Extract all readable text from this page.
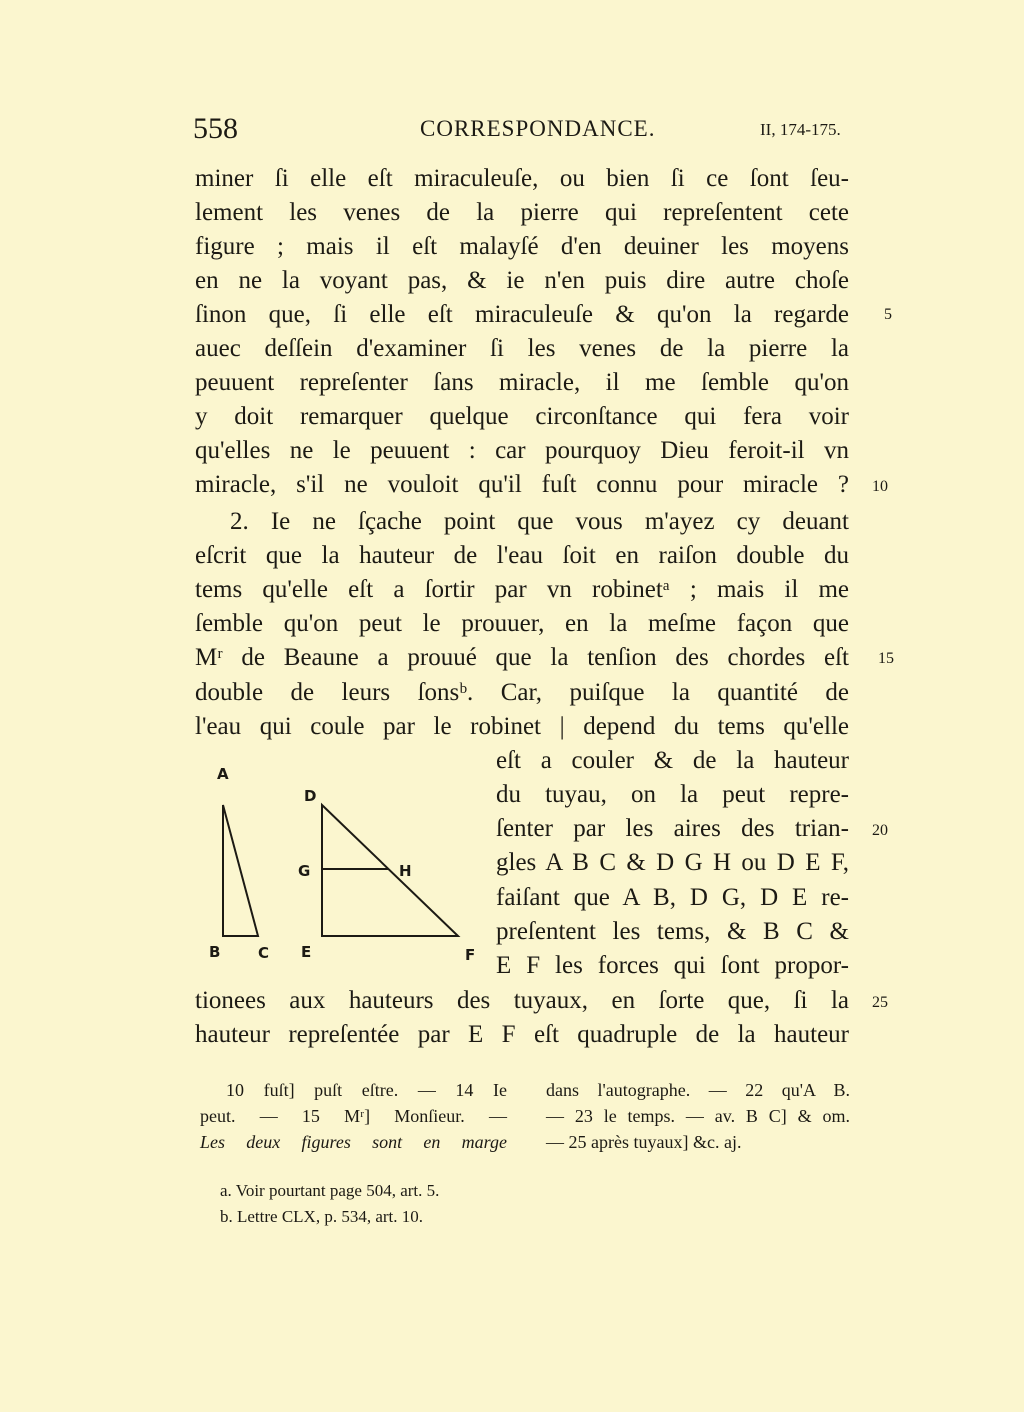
558	CORRESPONDANCE.	II, 174-175.
miner ſi elle eſt miraculeuſe, ou bien ſi ce ſont ſeu-
lement les venes de la pierre qui repreſentent cete
figure ; mais il eſt malayſé d'en deuiner les moyens
en ne la voyant pas, & ie n'en puis dire autre choſe
ſinon que, ſi elle eſt miraculeuſe & qu'on la regarde
auec deſſein d'examiner ſi les venes de la pierre la
peuuent repreſenter ſans miracle, il me ſemble qu'on
y doit remarquer quelque circonſtance qui fera voir
qu'elles ne le peuuent : car pourquoy Dieu feroit-il vn
miracle, s'il ne vouloit qu'il fuſt connu pour miracle ?
2. Ie ne ſçache point que vous m'ayez cy deuant
eſcrit que la hauteur de l'eau ſoit en raiſon double du
tems qu'elle eſt a ſortir par vn robinetᵃ ; mais il me
ſemble qu'on peut le prouuer, en la meſme façon que
Mʳ de Beaune a prouué que la tenſion des chordes eſt
double de leurs ſonsᵇ. Car, puiſque la quantité de
l'eau qui coule par le robinet | depend du tems qu'elle
eſt a couler & de la hauteur
du tuyau, on la peut repre-
ſenter par les aires des trian-
gles A B C & D G H ou D E F,
faiſant que A B, D G, D E re-
preſentent les tems, & B C &
E F les forces qui ſont propor-
tionees aux hauteurs des tuyaux, en ſorte que, ſi la
hauteur repreſentée par E F eſt quadruple de la hauteur
5
10
15
20
25
A
B	C
D
G	H
E	F
10 fuſt] puſt eſtre. — 14 Ie
peut. — 15 Mʳ] Monſieur. —
Les deux figures sont en marge
dans l'autographe. — 22 qu'A B.
— 23 le temps. — av. B C] & om.
— 25 après tuyaux] &c. aj.
a. Voir pourtant page 504, art. 5.
b. Lettre CLX, p. 534, art. 10.
